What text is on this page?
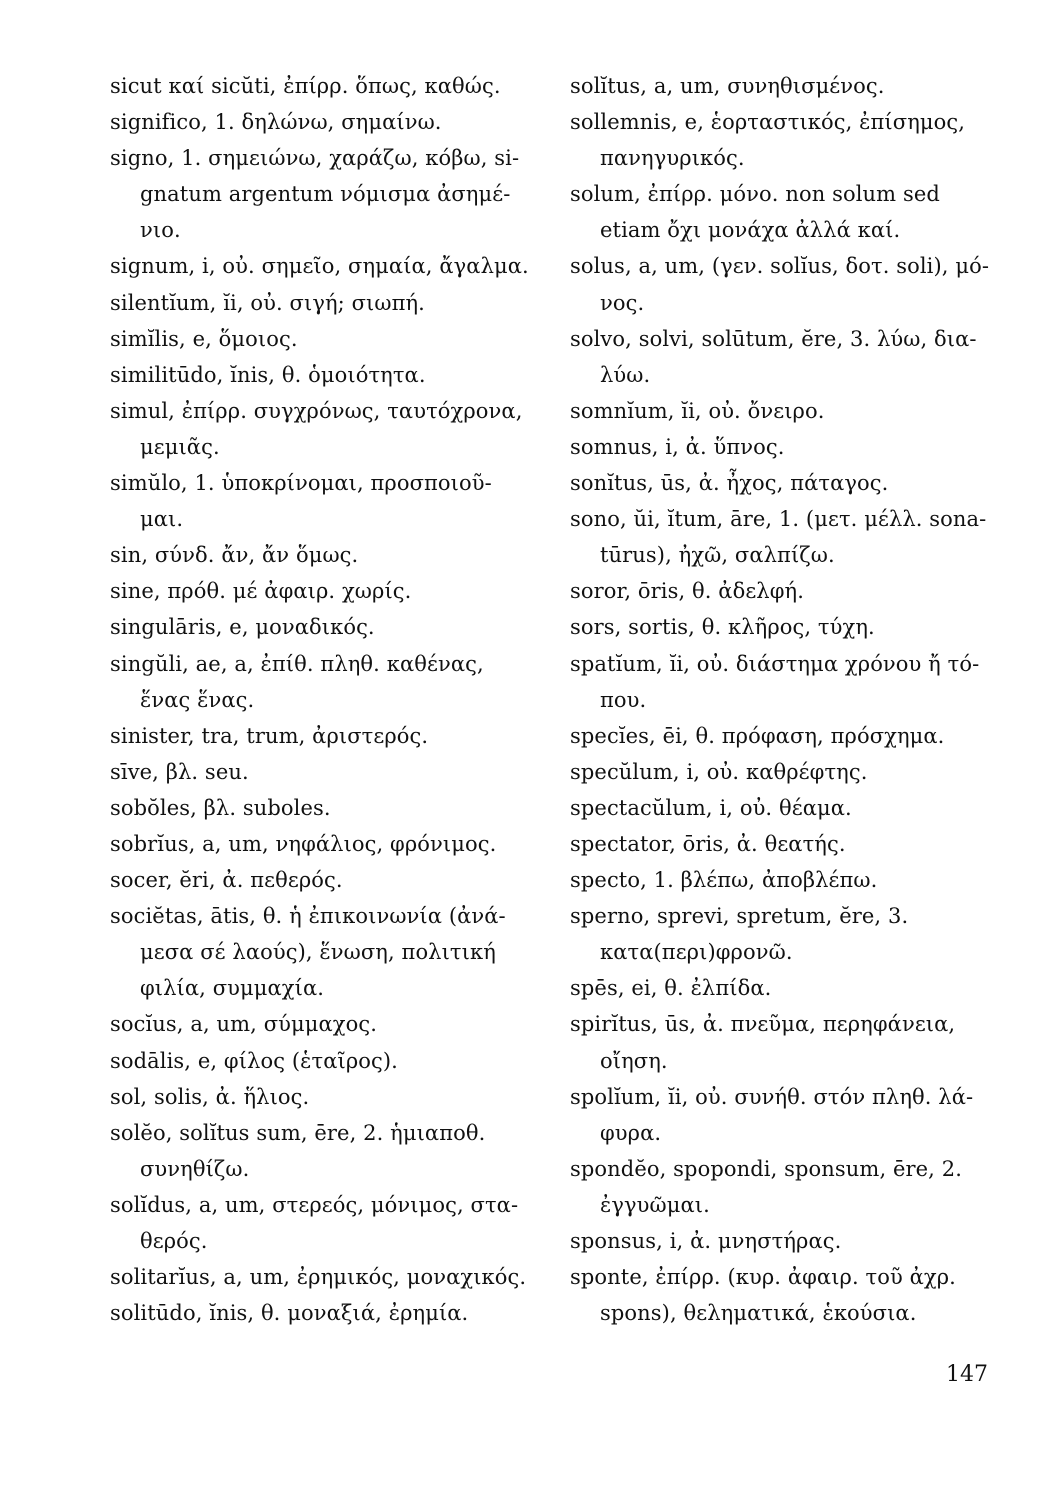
sicut καί sicŭti, ἐπίρρ. ὅπως, καθώς.
significo, 1. δηλώνω, σημαίνω.
signo, 1. σημειώνω, χαράζω, κόβω, si-
gnatum argentum νόμισμα ἀσημέ-
νιο.
signum, i, οὐ. σημεῖο, σημαία, ἄγαλμα.
silentĭum, ĭi, οὐ. σιγή; σιωπή.
simĭlis, e, ὅμοιος.
similitūdo, ĭnis, θ. ὁμοιότητα.
simul, ἐπίρρ. συγχρόνως, ταυτόχρονα,
μεμιᾶς.
simŭlo, 1. ὑποκρίνομαι, προσποιοῦ-
μαι.
sin, σύνδ. ἄν, ἄν ὅμως.
sine, πρόθ. μέ ἀφαιρ. χωρίς.
singulāris, e, μοναδικός.
singŭli, ae, a, ἐπίθ. πληθ. καθένας,
ἕνας ἕνας.
sinister, tra, trum, ἀριστερός.
sīve, βλ. seu.
sobŏles, βλ. suboles.
sobrĭus, a, um, νηφάλιος, φρόνιμος.
socer, ĕri, ἀ. πεθερός.
sociĕtas, ātis, θ. ἡ ἐπικοινωνία (ἀνά-
μεσα σέ λαούς), ἕνωση, πολιτική
φιλία, συμμαχία.
socĭus, a, um, σύμμαχος.
sodālis, e, φίλος (ἑταῖρος).
sol, solis, ἀ. ἥλιος.
solĕo, solĭtus sum, ēre, 2. ἡμιαποθ.
συνηθίζω.
solĭdus, a, um, στερεός, μόνιμος, στα-
θερός.
solitarĭus, a, um, ἐρημικός, μοναχικός.
solitūdo, ĭnis, θ. μοναξιά, ἐρημία.
solĭtus, a, um, συνηθισμένος.
sollemnis, e, ἑορταστικός, ἐπίσημος,
πανηγυρικός.
solum, ἐπίρρ. μόνο. non solum sed
etiam ὄχι μονάχα ἀλλά καί.
solus, a, um, (γεν. solĭus, δοτ. soli), μό-
νος.
solvo, solvi, solūtum, ĕre, 3. λύω, δια-
λύω.
somnĭum, ĭi, οὐ. ὄνειρο.
somnus, i, ἀ. ὕπνος.
sonĭtus, ūs, ἀ. ἦχος, πάταγος.
sono, ŭi, ĭtum, āre, 1. (μετ. μέλλ. sona-
tūrus), ἠχῶ, σαλπίζω.
soror, ōris, θ. ἀδελφή.
sors, sortis, θ. κλῆρος, τύχη.
spatĭum, ĭi, οὐ. διάστημα χρόνου ἤ τό-
που.
specĭes, ēi, θ. πρόφαση, πρόσχημα.
specŭlum, i, οὐ. καθρέφτης.
spectacŭlum, i, οὐ. θέαμα.
spectator, ōris, ἀ. θεατής.
specto, 1. βλέπω, ἀποβλέπω.
sperno, sprevi, spretum, ĕre, 3.
κατα(περι)φρονῶ.
spēs, ei, θ. ἐλπίδα.
spirĭtus, ūs, ἀ. πνεῦμα, περηφάνεια,
οἴηση.
spolĭum, ĭi, οὐ. συνήθ. στόν πληθ. λά-
φυρα.
spondĕo, spopondi, sponsum, ēre, 2.
ἐγγυῶμαι.
sponsus, i, ἀ. μνηστήρας.
sponte, ἐπίρρ. (κυρ. ἀφαιρ. τοῦ ἀχρ.
spons), θεληματικά, ἑκούσια.
147
